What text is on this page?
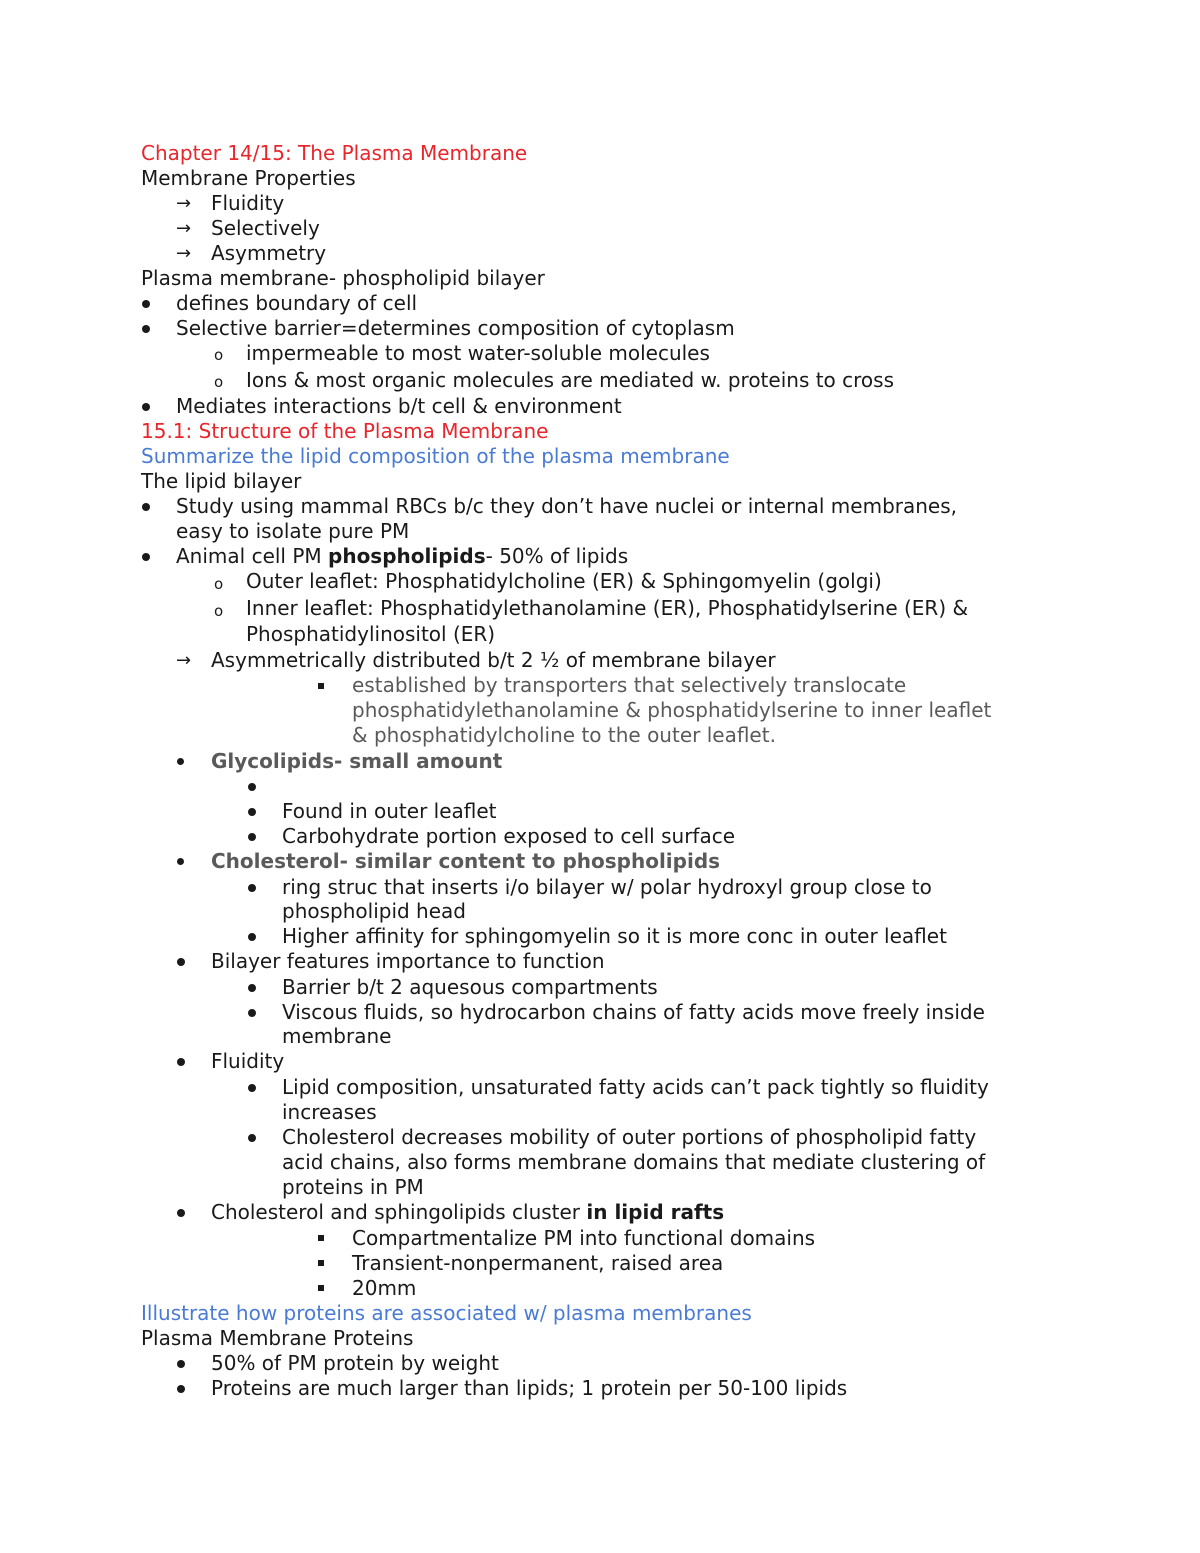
Chapter 14/15: The Plasma Membrane
Membrane Properties
→ Fluidity
→ Selectively
→ Asymmetry
Plasma membrane- phospholipid bilayer
defines boundary of cell
Selective barrier=determines composition of cytoplasm
o impermeable to most water-soluble molecules
o Ions & most organic molecules are mediated w. proteins to cross
Mediates interactions b/t cell & environment
15.1: Structure of the Plasma Membrane
Summarize the lipid composition of the plasma membrane
The lipid bilayer
Study using mammal RBCs b/c they don’t have nuclei or internal membranes,
easy to isolate pure PM
Animal cell PM phospholipids- 50% of lipids
o Outer leaflet: Phosphatidylcholine (ER) & Sphingomyelin (golgi)
o Inner leaflet: Phosphatidylethanolamine (ER), Phosphatidylserine (ER) &
Phosphatidylinositol (ER)
→ Asymmetrically distributed b/t 2 ½ of membrane bilayer
established by transporters that selectively translocate
phosphatidylethanolamine & phosphatidylserine to inner leaflet
& phosphatidylcholine to the outer leaflet.
Glycolipids- small amount
Found in outer leaflet
Carbohydrate portion exposed to cell surface
Cholesterol- similar content to phospholipids
ring struc that inserts i/o bilayer w/ polar hydroxyl group close to
phospholipid head
Higher affinity for sphingomyelin so it is more conc in outer leaflet
Bilayer features importance to function
Barrier b/t 2 aquesous compartments
Viscous fluids, so hydrocarbon chains of fatty acids move freely inside
membrane
Fluidity
Lipid composition, unsaturated fatty acids can’t pack tightly so fluidity
increases
Cholesterol decreases mobility of outer portions of phospholipid fatty
acid chains, also forms membrane domains that mediate clustering of
proteins in PM
Cholesterol and sphingolipids cluster in lipid rafts
Compartmentalize PM into functional domains
Transient-nonpermanent, raised area
20mm
Illustrate how proteins are associated w/ plasma membranes
Plasma Membrane Proteins
50% of PM protein by weight
Proteins are much larger than lipids; 1 protein per 50-100 lipids
